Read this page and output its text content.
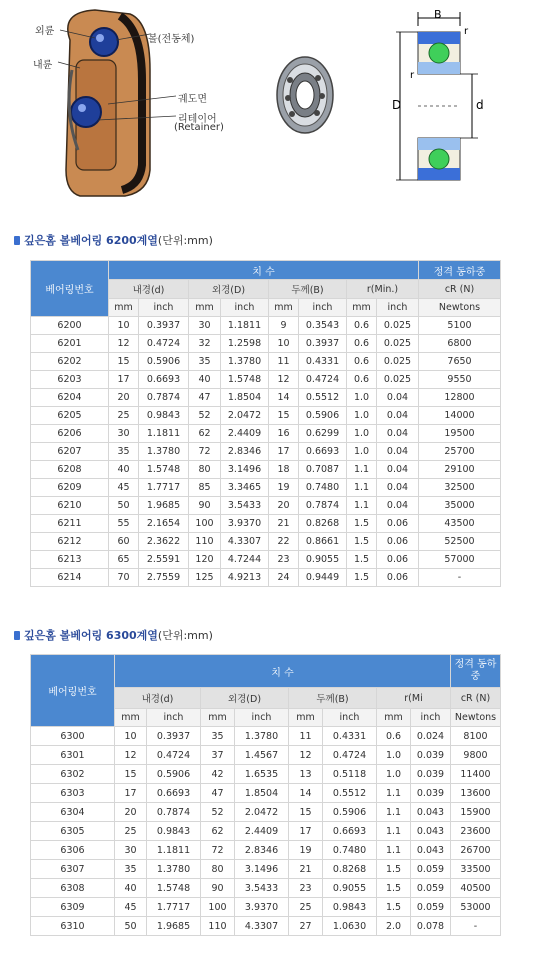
외륜
볼(전동체)
내륜
궤도면
리테이어
(Retainer)
B
r
r
D	d
깊은홈 볼베어링 6200계열(단위:mm)
베어링번호	치 수								정격 동하중
	내경(d)		외경(D)		두께(B)		r(Min.)		cR (N)
	mm	inch	mm	inch	mm	inch	mm	inch	Newtons
6200	10	0.3937	30	1.1811	9	0.3543	0.6	0.025	5100
6201	12	0.4724	32	1.2598	10	0.3937	0.6	0.025	6800
6202	15	0.5906	35	1.3780	11	0.4331	0.6	0.025	7650
6203	17	0.6693	40	1.5748	12	0.4724	0.6	0.025	9550
6204	20	0.7874	47	1.8504	14	0.5512	1.0	0.04	12800
6205	25	0.9843	52	2.0472	15	0.5906	1.0	0.04	14000
6206	30	1.1811	62	2.4409	16	0.6299	1.0	0.04	19500
6207	35	1.3780	72	2.8346	17	0.6693	1.0	0.04	25700
6208	40	1.5748	80	3.1496	18	0.7087	1.1	0.04	29100
6209	45	1.7717	85	3.3465	19	0.7480	1.1	0.04	32500
6210	50	1.9685	90	3.5433	20	0.7874	1.1	0.04	35000
6211	55	2.1654	100	3.9370	21	0.8268	1.5	0.06	43500
6212	60	2.3622	110	4.3307	22	0.8661	1.5	0.06	52500
6213	65	2.5591	120	4.7244	23	0.9055	1.5	0.06	57000
6214	70	2.7559	125	4.9213	24	0.9449	1.5	0.06	-
깊은홈 볼베어링 6300계열(단위:mm)
베어링번호	치 수								정격 동하중
	내경(d)		외경(D)		두께(B)		r(Mi		cR (N)
	mm	inch	mm	inch	mm	inch	mm	inch	Newtons
6300	10	0.3937	35	1.3780	11	0.4331	0.6	0.024	8100
6301	12	0.4724	37	1.4567	12	0.4724	1.0	0.039	9800
6302	15	0.5906	42	1.6535	13	0.5118	1.0	0.039	11400
6303	17	0.6693	47	1.8504	14	0.5512	1.1	0.039	13600
6304	20	0.7874	52	2.0472	15	0.5906	1.1	0.043	15900
6305	25	0.9843	62	2.4409	17	0.6693	1.1	0.043	23600
6306	30	1.1811	72	2.8346	19	0.7480	1.1	0.043	26700
6307	35	1.3780	80	3.1496	21	0.8268	1.5	0.059	33500
6308	40	1.5748	90	3.5433	23	0.9055	1.5	0.059	40500
6309	45	1.7717	100	3.9370	25	0.9843	1.5	0.059	53000
6310	50	1.9685	110	4.3307	27	1.0630	2.0	0.078	-
